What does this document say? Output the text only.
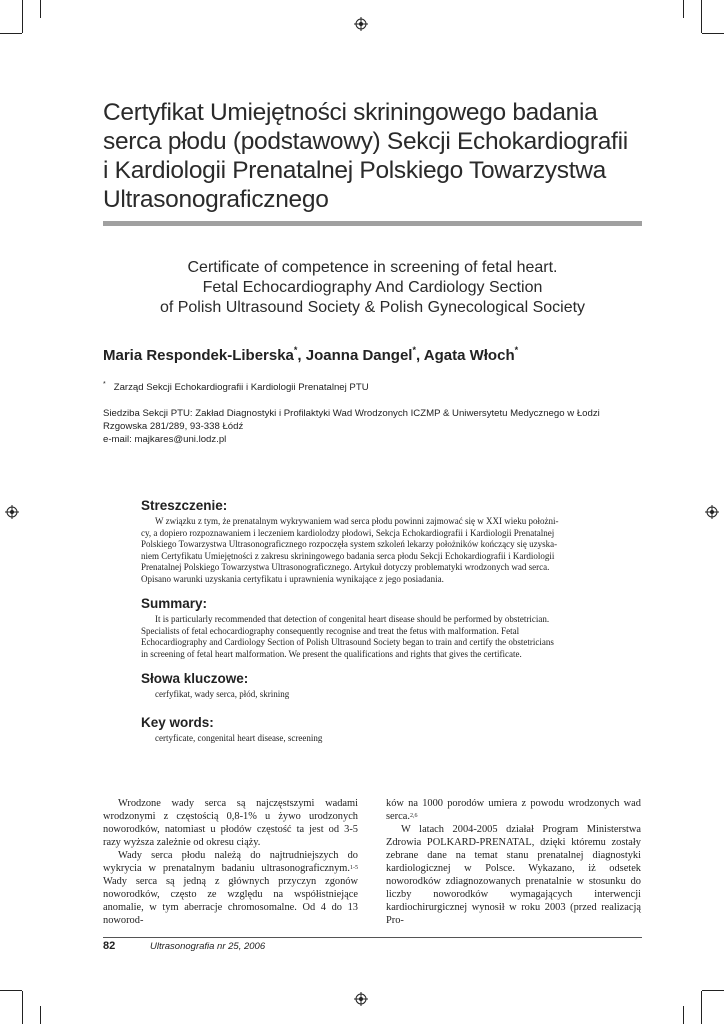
Certyfikat Umiejętności skriningowego badania
serca płodu (podstawowy) Sekcji Echokardiografii
i Kardiologii Prenatalnej Polskiego Towarzystwa
Ultrasonograficznego
Certificate of competence in screening of fetal heart.
Fetal Echocardiography And Cardiology Section
of Polish Ultrasound Society & Polish Gynecological Society
Maria Respondek-Liberska*, Joanna Dangel*, Agata Włoch*
* Zarząd Sekcji Echokardiografii i Kardiologii Prenatalnej PTU
Siedziba Sekcji PTU: Zakład Diagnostyki i Profilaktyki Wad Wrodzonych ICZMP & Uniwersytetu Medycznego w Łodzi
Rzgowska 281/289, 93-338 Łódź
e-mail: majkares@uni.lodz.pl
Streszczenie:
W związku z tym, że prenatalnym wykrywaniem wad serca płodu powinni zajmować się w XXI wieku położni-
cy, a dopiero rozpoznawaniem i leczeniem kardiolodzy płodowi, Sekcja Echokardiografii i Kardiologii Prenatalnej
Polskiego Towarzystwa Ultrasonograficznego rozpoczęła system szkoleń lekarzy położników kończący się uzyska-
niem Certyfikatu Umiejętności z zakresu skriningowego badania serca płodu Sekcji Echokardiografii i Kardiologii
Prenatalnej Polskiego Towarzystwa Ultrasonograficznego. Artykuł dotyczy problematyki wrodzonych wad serca.
Opisano warunki uzyskania certyfikatu i uprawnienia wynikające z jego posiadania.
Summary:
It is particularly recommended that detection of congenital heart disease should be performed by obstetrician.
Specialists of fetal echocardiography consequently recognise and treat the fetus with malformation. Fetal
Echocardiography and Cardiology Section of Polish Ultrasound Society began to train and certify the obstetricians
in screening of fetal heart malformation. We present the qualifications and rights that gives the certificate.
Słowa kluczowe:
cerfyfikat, wady serca, płód, skrining
Key words:
certyficate, congenital heart disease, screening

Wrodzone wady serca są najczęstszymi wadami wrodzonymi z częstością 0,8-1% u żywo urodzonych noworodków, natomiast u płodów częstość ta jest od 3-5 razy wyższa zależnie od okresu ciąży.

Wady serca płodu należą do najtrudniejszych do wykrycia w prenatalnym badaniu ultrasonograficznym.$^{1-5}$ Wady serca są jedną z głównych przyczyn zgonów noworodków, często ze względu na współistniejące anomalie, w tym aberracje chromosomalne. Od 4 do 13 noworod-

ków na 1000 porodów umiera z powodu wrodzonych wad serca.$^{2,6}$

W latach 2004-2005 działał Program Ministerstwa Zdrowia POLKARD-PRENATAL, dzięki któremu zostały zebrane dane na temat stanu prenatalnej diagnostyki kardiologicznej w Polsce. Wykazano, iż odsetek noworodków zdiagnozowanych prenatalnie w stosunku do liczby noworodków wymagających interwencji kardiochirurgicznej wynosił w roku 2003 (przed realizacją Pro-

82	Ultrasonografia nr 25, 2006
